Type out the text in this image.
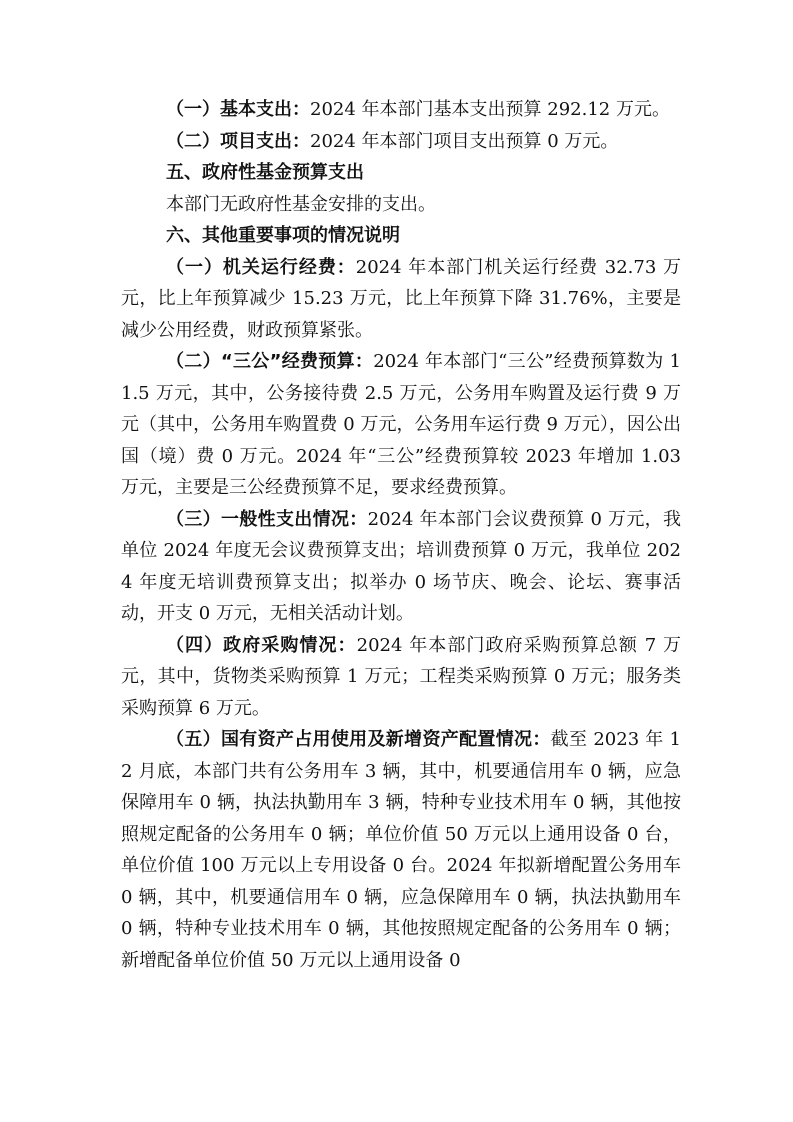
（一）基本支出：2024 年本部门基本支出预算 292.12 万元。

（二）项目支出：2024 年本部门项目支出预算 0 万元。

五、政府性基金预算支出

本部门无政府性基金安排的支出。

六、其他重要事项的情况说明

（一）机关运行经费：2024 年本部门机关运行经费 32.73 万元，比上年预算减少 15.23 万元，比上年预算下降 31.76%，主要是减少公用经费，财政预算紧张。

（二）“三公”经费预算：2024 年本部门“三公”经费预算数为 11.5 万元，其中，公务接待费 2.5 万元，公务用车购置及运行费 9 万元（其中，公务用车购置费 0 万元，公务用车运行费 9 万元），因公出国（境）费 0 万元。2024 年“三公”经费预算较 2023 年增加 1.03 万元，主要是三公经费预算不足，要求经费预算。

（三）一般性支出情况：2024 年本部门会议费预算 0 万元，我单位 2024 年度无会议费预算支出；培训费预算 0 万元，我单位 2024 年度无培训费预算支出；拟举办 0 场节庆、晚会、论坛、赛事活动，开支 0 万元，无相关活动计划。

（四）政府采购情况：2024 年本部门政府采购预算总额 7 万元，其中，货物类采购预算 1 万元；工程类采购预算 0 万元；服务类采购预算 6 万元。

（五）国有资产占用使用及新增资产配置情况：截至 2023 年 12 月底，本部门共有公务用车 3 辆，其中，机要通信用车 0 辆，应急保障用车 0 辆，执法执勤用车 3 辆，特种专业技术用车 0 辆，其他按照规定配备的公务用车 0 辆；单位价值 50 万元以上通用设备 0 台，单位价值 100 万元以上专用设备 0 台。2024 年拟新增配置公务用车 0 辆，其中，机要通信用车 0 辆，应急保障用车 0 辆，执法执勤用车 0 辆，特种专业技术用车 0 辆，其他按照规定配备的公务用车 0 辆；新增配备单位价值 50 万元以上通用设备 0
